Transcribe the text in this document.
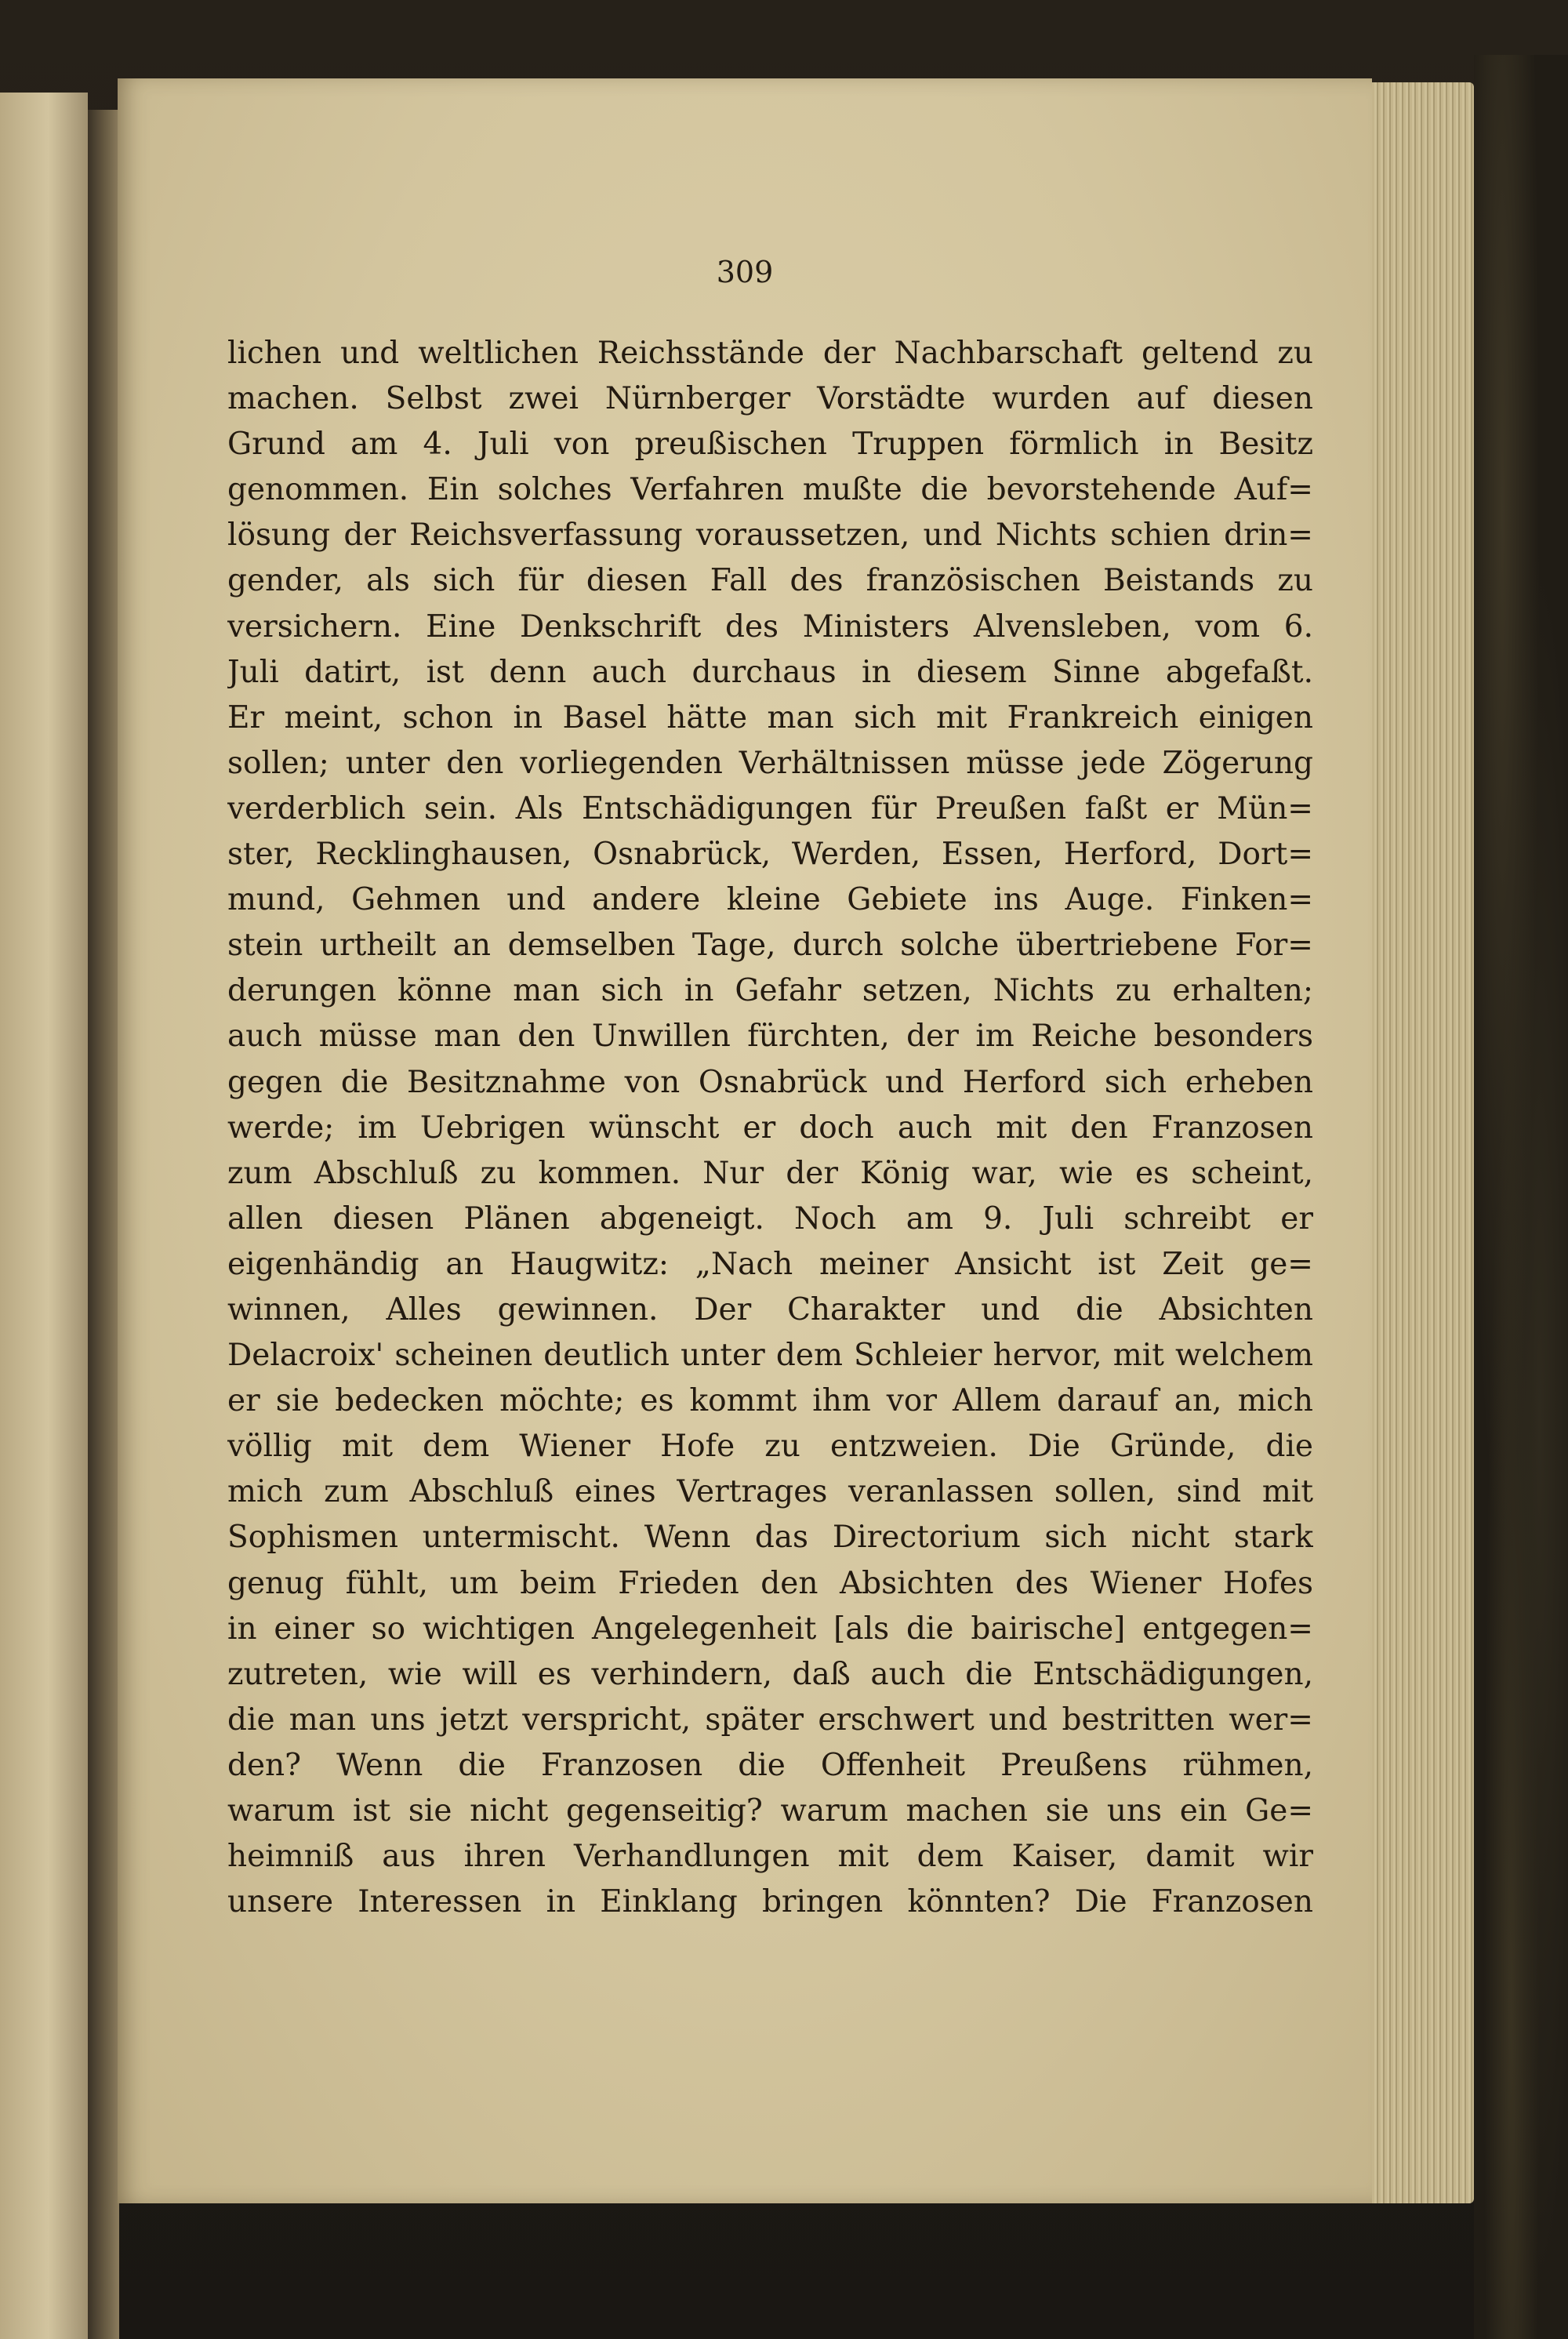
309
lichen und weltlichen Reichsstände der Nachbarschaft geltend zu
machen. Selbst zwei Nürnberger Vorstädte wurden auf diesen
Grund am 4. Juli von preußischen Truppen förmlich in Besitz
genommen. Ein solches Verfahren mußte die bevorstehende Auf=
lösung der Reichsverfassung voraussetzen, und Nichts schien drin=
gender, als sich für diesen Fall des französischen Beistands zu
versichern. Eine Denkschrift des Ministers Alvensleben, vom 6.
Juli datirt, ist denn auch durchaus in diesem Sinne abgefaßt.
Er meint, schon in Basel hätte man sich mit Frankreich einigen
sollen; unter den vorliegenden Verhältnissen müsse jede Zögerung
verderblich sein. Als Entschädigungen für Preußen faßt er Mün=
ster, Recklinghausen, Osnabrück, Werden, Essen, Herford, Dort=
mund, Gehmen und andere kleine Gebiete ins Auge. Finken=
stein urtheilt an demselben Tage, durch solche übertriebene For=
derungen könne man sich in Gefahr setzen, Nichts zu erhalten;
auch müsse man den Unwillen fürchten, der im Reiche besonders
gegen die Besitznahme von Osnabrück und Herford sich erheben
werde; im Uebrigen wünscht er doch auch mit den Franzosen
zum Abschluß zu kommen. Nur der König war, wie es scheint,
allen diesen Plänen abgeneigt. Noch am 9. Juli schreibt er
eigenhändig an Haugwitz: „Nach meiner Ansicht ist Zeit ge=
winnen, Alles gewinnen. Der Charakter und die Absichten
Delacroix' scheinen deutlich unter dem Schleier hervor, mit welchem
er sie bedecken möchte; es kommt ihm vor Allem darauf an, mich
völlig mit dem Wiener Hofe zu entzweien. Die Gründe, die
mich zum Abschluß eines Vertrages veranlassen sollen, sind mit
Sophismen untermischt. Wenn das Directorium sich nicht stark
genug fühlt, um beim Frieden den Absichten des Wiener Hofes
in einer so wichtigen Angelegenheit [als die bairische] entgegen=
zutreten, wie will es verhindern, daß auch die Entschädigungen,
die man uns jetzt verspricht, später erschwert und bestritten wer=
den? Wenn die Franzosen die Offenheit Preußens rühmen,
warum ist sie nicht gegenseitig? warum machen sie uns ein Ge=
heimniß aus ihren Verhandlungen mit dem Kaiser, damit wir
unsere Interessen in Einklang bringen könnten? Die Franzosen
